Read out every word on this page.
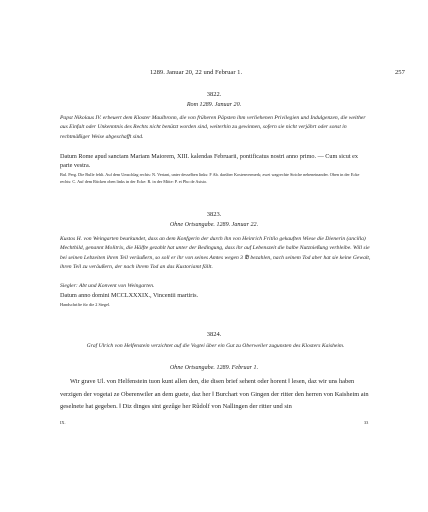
1289. Januar 20, 22 und Februar 1.	257
3822.
Rom 1289. Januar 20.
Papst Nikolaus IV. erbeuert dem Kloster Maulbronn, die von früheren Päpsten ihm verliehenen Privilegien und Indulgenzen, die weither aus Einfalt oder Unkenntnis des Rechts nicht benützt worden sind, weiterhin zu gewinnen, sofern sie nicht verjährt oder sonst in rechtmäßiger Weise abgeschafft sind.
Datum Rome apud sanctam Mariam Maiorem, XIII. kalendas Februarii, pontificatus nostri anno primo. — Cum sicut ex parte vestra.
Bul. Perg. Die Bulle fehlt. Auf dem Umschlag rechts: N. Veriani, unter desselben links: F Ab. darüber Kostenvermerk; zwei wagrechte Striche nebeneinander. Oben in der Ecke rechts: C. Auf dem Rücken oben links in der Ecke: R. in der Mitte: P. et Pho de Asisio.
3823.
Ohne Ortsangabe. 1289. Januar 22.
Kustos H. von Weingarten beurkundet, dass an dem Konfgerin der durch ihn von Heinrich Fritilo gekauften Wiese die Dienerin (ancilla) Mechthild, genannt Molitrix, die Hälfte gezahlt hat unter der Bedingung, dass ihr auf Lebenszeit die halbe Nutznießung verbleibe. Will sie bei seinen Lebzeiten ihren Teil veräußern, so soll er ihr von seines Amtes wegen 3 ℔ bezahlen, nach seinem Tod aber hat sie keine Gewalt, ihren Teil zu veräußern, der nach ihrem Tod an das Kustoriamt fällt.
Siegler: Abt und Konvent von Weingarten.
Datum anno domini MCCLXXXIX., Vincentii martiris.
Handschrifte für die 2 Siegel.
3824.
Graf Ulrich von Helfenstein verzichtet auf die Vogtei über ein Gut zu Oberweiler zugunsten des Klosters Kaisheim.
Ohne Ortsangabe. 1289. Februar 1.
Wir grave Ul. von Helfenstein tuon kunt allen den, die disen brief sehent oder horent ‖ lesen, daz wir uns haben verzigen der vogetai ze Oberenwiler an dem guete, daz her ‖ Burchart von Gingen der ritter den herren von Kaisheim ain geselnete hat gegeben. ‖ Diz dinges sint gezûge her Rûdolf von Nallingen der ritter und sin
IX.	33
